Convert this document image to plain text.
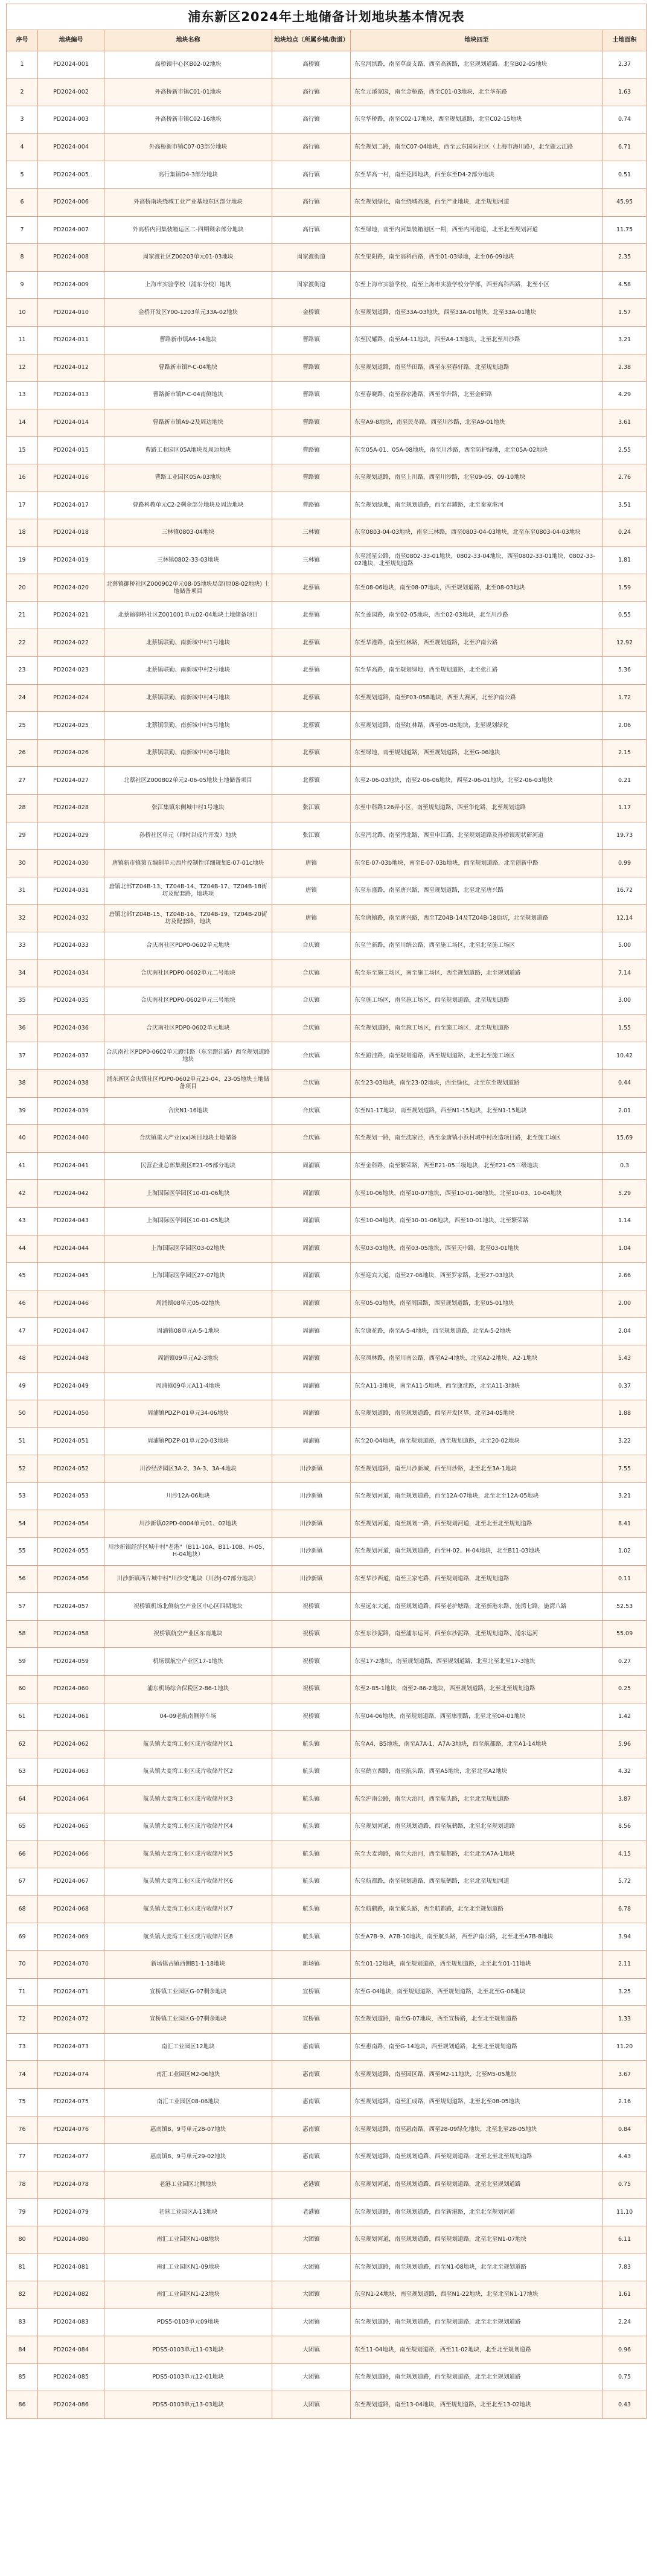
浦东新区2024年土地储备计划地块基本情况表					
序号	地块编号	地块名称	地块地点（所属乡镇/街道）	地块四至	土地面积
1	PD2024-001	高桥镇中心区B02-02地块	高桥镇	东至河滨路，南至草高支路，西至高新路，北至规划道路、北至B02-05地块	2.37
2	PD2024-002	外高桥新市镇C01-01地块	高行镇	东至元溪家园，南至金桥路，西至C01-03地块，北至华东路	1.63
3	PD2024-003	外高桥新市镇C02-16地块	高行镇	东至华桥路，南至C02-17地块，西至规划道路，北至C02-15地块	0.74
4	PD2024-004	外高桥新市镇C07-03部分地块	高行镇	东至规划二路，南至C07-04地块，西至云东国际社区（上海市海川路），北至鹿云江路	6.71
5	PD2024-005	高行集镇D4-3部分地块	高行镇	东至华高一村，南至花园地块，西至东至D4-2部分地块	0.51
6	PD2024-006	外高桥南块绕城工业产业基地东区部分地块	高行镇	东至规划绿化，南至绕城高速，西至产业地块，北至规划河道	45.95
7	PD2024-007	外高桥内河集装箱运区二-四期剩余部分地块	高行镇	东至绿地，南至内河集装箱港区一期，西至内河港道，北至北至规划河道	11.75
8	PD2024-008	周家渡社区Z00203单元01-03地块	周家渡街道	东至渠阳路，南至高科西路，西至01-03绿地，北至06-09地块	2.35
9	PD2024-009	上海市实验学校（浦东分校）地块	周家渡街道	东至上海市实验学校，南至上海市实验学校分学部，西至高科西路，北至小区	4.58
10	PD2024-010	金桥开发区Y00-1203单元33A-02地块	金桥镇	东至规划道路，南至33A-03地块，西至33A-01地块，北至33A-01地块	1.57
11	PD2024-011	曹路新市镇A4-14地块	曹路镇	东至民耀路，南至A4-11地块，西至A4-13地块，北至北至川沙路	3.21
12	PD2024-012	曹路新市镇P-C-04地块	曹路镇	东至规划道路，南至华田路，西至东至春轩路，北至规划道路	2.38
13	PD2024-013	曹路新市镇P-C-04南侧地块	曹路镇	东至春晓路，南至春家港路，西至华升路，北至金研路	4.29
14	PD2024-014	曹路新市镇A9-2及周边地块	曹路镇	东至A9-8地块，南至民冬路，西至川沙路，北至A9-01地块	3.61
15	PD2024-015	曹路工业园区05A地块及周边地块	曹路镇	东至05A-01、05A-08地块，南至川沙路，西至防护绿地，北至05A-02地块	2.55
16	PD2024-016	曹路工业园区05A-03地块	曹路镇	东至规划道路，南至上川路，西至川沙路，北至09-05、09-10地块	2.76
17	PD2024-017	曹路科教单元C2-2剩余部分地块及周边地块	曹路镇	东至规划绿地，南至规划道路，西至春耀路，北至秦家港河	3.51
18	PD2024-018	三林镇0803-04地块	三林镇	东至0803-04-03地块，南至三林路，西至0803-04-03地块，北至东至0803-04-03地块	0.24
19	PD2024-019	三林镇0802-33-03地块	三林镇	东至浦星公路，南至0802-33-01地块，0802-33-04地块，西至0802-33-01地块，0802-33-02地块，北至规划道路	1.81
20	PD2024-020	北蔡镇御桥社区Z000902单元08-05地块局部(原08-02地块) 土地储备项目	北蔡镇	东至08-06地块，南至08-07地块，西至规划道路，北至08-03地块	1.59
21	PD2024-021	北蔡镇御桥社区Z001001单元02-04地块土地储备项目	北蔡镇	东至莲园路，南至02-05地块，西至02-03地块，北至川沙路	0.55
22	PD2024-022	北蔡镇联勤、南新城中村1号地块	北蔡镇	东至华港路，南至红林路，西至规划道路，北至沪南公路	12.92
23	PD2024-023	北蔡镇联勤、南新城中村2号地块	北蔡镇	东至华高路，南至规划绿地，西至规划道路，北至张江路	5.36
24	PD2024-024	北蔡镇联勤、南新城中村4号地块	北蔡镇	东至规划道路，南至F03-05B地块，西至大赛河，北至沪南公路	1.72
25	PD2024-025	北蔡镇联勤、南新城中村5号地块	北蔡镇	东至规划道路，南至红林路，西至05-05地块，北至规划绿化	2.06
26	PD2024-026	北蔡镇联勤、南新城中村6号地块	北蔡镇	东至绿地，南至规划道路，西至规划道路，北至G-06地块	2.15
27	PD2024-027	北蔡社区Z000802单元2-06-05地块土地储备项目	北蔡镇	东至2-06-03地块，南至2-06-06地块，西至2-06-01地块，北至2-06-03地块	0.21
28	PD2024-028	张江集镇东侧城中村1号地块	张江镇	东至中科路126弄小区，南至规划道路，西至华佗路，北至规划道路	1.17
29	PD2024-029	孙桥社区单元（师村以成片开发）地块	张江镇	东至沔北路，南至沔北路，西至申江路，北至规划道路及孙桥镇现状研河道	19.73
30	PD2024-030	唐镇新市镇第五编制单元西片控制性详细规划E-07-01c地块	唐镇	东至E-07-03b地块，南至E-07-03b地块，西至规划道路，北至创新中路	0.99
31	PD2024-031	唐镇北部TZ04B-13、TZ04B-14、TZ04B-17、TZ04B-18街坊及配套路，地块项	唐镇	东至东盛路，南至唐兴路，西至规划道路，北至北至唐兴路	16.72
32	PD2024-032	唐镇北部TZ04B-15、TZ04B-16、TZ04B-19、TZ04B-20街坊及配套路，地块	唐镇	东至唐镇路，南至唐兴路，西至TZ04B-14及TZ04B-18街坊，北至规划道路	12.14
33	PD2024-033	合庆南社区PDP0-0602单元地块	合庆镇	东至兰新路，南至川纳公路，西至施工场区，北至北至施工场区	5.00
34	PD2024-034	合庆南社区PDP0-0602单元二号地块	合庆镇	东至东至施工场区，南至施工场区，西至规划道路，北至规划道路	7.14
35	PD2024-035	合庆南社区PDP0-0602单元三号地块	合庆镇	东至施工场区，南至施工场区，西至规划道路，北至规划道路	3.00
36	PD2024-036	合庆南社区PDP0-0602单元地块	合庆镇	东至规划道路，南至施工场区，西至施工场区，北至规划道路	1.55
37	PD2024-037	合庆南社区PDP0-0602单元蹬洼路（东至蹬洼路）西至规划道路地块	合庆镇	东至蹬洼路，南至规划道路，西至规划道路，北至北至施工场区	10.42
38	PD2024-038	浦东新区合庆镇社区PDP0-0602单元23-04、23-05地块土地储备项目	合庆镇	东至23-03地块，南至23-02地块，西至绿化，北至东至规划道路	0.44
39	PD2024-039	合庆N1-16地块	合庆镇	东至N1-17地块，南至规划道路，西至N1-15地块，北至N1-15地块	2.01
40	PD2024-040	合庆镇重大产业(xx)项目地块土地储备	合庆镇	东至规划一路，南至沈家泾，西至金唐镇小浜村城中村改造项目路，北至施工场区	15.69
41	PD2024-041	民营企业总部集聚区E21-05部分地块	周浦镇	东至金科路，南至繁荣路，西至E21-05三级地块，北至E21-05三级地块	0.3
42	PD2024-042	上海国际医学园区10-01-06地块	周浦镇	东至10-06地块，南至10-07地块，西至10-01-08地块，北至10-03、10-04地块	5.29
43	PD2024-043	上海国际医学园区10-01-05地块	周浦镇	东至10-04地块，南至10-01-06地块，西至10-01地块，北至繁荣路	1.14
44	PD2024-044	上海国际医学园区03-02地块	周浦镇	东至03-03地块，南至03-05地块，西至天中路，北至03-01地块	1.04
45	PD2024-045	上海国际医学园区27-07地块	周浦镇	东至迎宾大道，南至27-06地块，西至罗家路，北至27-03地块	2.66
46	PD2024-046	周浦镇08单元05-02地块	周浦镇	东至05-03地块，南至周园路，西至规划道路，北至05-01地块	2.00
47	PD2024-047	周浦镇08单元A-5-1地块	周浦镇	东至康花路，南至A-5-4地块，西至规划道路，北至A-5-2地块	2.04
48	PD2024-048	周浦镇09单元A2-3地块	周浦镇	东至凤林路，南至川南公路，西至A2-4地块，北至A2-2地块、A2-1地块	5.43
49	PD2024-049	周浦镇09单元A11-4地块	周浦镇	东至A11-3地块，南至A11-5地块，西至康沈路，北至A11-3地块	0.37
50	PD2024-050	周浦镇PDZP-01单元34-06地块	周浦镇	东至规划道路，南至规划道路，西至开发区界，北至34-05地块	1.88
51	PD2024-051	周浦镇PDZP-01单元20-03地块	周浦镇	东至20-04地块，南至规划道路，西至规划道路，北至20-02地块	3.22
52	PD2024-052	川沙经济园区3A-2、3A-3、3A-4地块	川沙新镇	东至规划道路，南至川沙新城，西至川沙路，北至北至3A-1地块	7.55
53	PD2024-053	川沙12A-06地块	川沙新镇	东至规划河道，南至规划道路，西至12A-07地块，北至北至12A-05地块	3.21
54	PD2024-054	川沙新镇02PD-0004单元01、02地块	川沙新镇	东至规划河道，南至规划一路，西至规划河道，北至北至北至规划道路	8.41
55	PD2024-055	川沙新镇经济区城中村"老港"（B11-10A、B11-10B、H-05、H-04地块）	川沙新镇	东至规划河道，南至规划道路，西至H-02、H-04地块，北至B11-03地块	1.02
56	PD2024-056	川沙新镇西片城中村"川沙变"地块（川沙J-07部分地块）	川沙新镇	东至华沙西道，南至王家宅路，西至规划道路，北至规划道路	0.11
57	PD2024-057	祝桥镇机场北侧航空产业区中心区四期地块	祝桥镇	东至远东大道，南至规划道路，西至老护塘路，北至新港东路、施湾七路，施湾八路	52.53
58	PD2024-058	祝桥镇航空产业区东南地块	祝桥镇	东至东沙泥路，南至浦东运河，西至东沙泥路，北至规划道路、浦东运河	55.09
59	PD2024-059	机场镇航空产业区17-1地块	祝桥镇	东至17-2地块，南至规划道路，西至规划道路，北至北至北至17-3地块	0.27
60	PD2024-060	浦东机场综合保税区2-86-1地块	祝桥镇	东至2-85-1地块，南至2-86-2地块，西至规划道路，北至北至规划道路	0.25
61	PD2024-061	04-09老航南侧停车场	祝桥镇	东至04-06地块，南至规划道路，西至康朋路，北至北至04-01地块	1.42
62	PD2024-062	航头镇大麦湾工业区成片收储片区1	航头镇	东至A4、B5地块，南至A7A-1、A7A-3地块，西至航都路，北至A1-14地块	5.96
63	PD2024-063	航头镇大麦湾工业区成片收储片区2	航头镇	东至鹤立西路，南至航头路，西至A5地块，北至北至A2地块	4.32
64	PD2024-064	航头镇大麦湾工业区成片收储片区3	航头镇	东至沪南公路，南至大治河，西至航头路，北至北至规划道路	3.87
65	PD2024-065	航头镇大麦湾工业区成片收储片区4	航头镇	东至规划河道，南至规划道路，西至航鹤路，北至北至规划道路	8.56
66	PD2024-066	航头镇大麦湾工业区成片收储片区5	航头镇	东至大麦湾路，南至大治河，西至航都路，北至北至A7A-1地块	4.15
67	PD2024-067	航头镇大麦湾工业区成片收储片区6	航头镇	东至航都路，南至规划道路，西至航鹤路，北至北至规划河道	5.72
68	PD2024-068	航头镇大麦湾工业区成片收储片区7	航头镇	东至航鹤路，南至航头路，西至航都路，北至北至规划道路	6.78
69	PD2024-069	航头镇大麦湾工业区成片收储片区8	航头镇	东至A7B-9、A7B-10地块，南至航头路，西至沪南公路，北至北至A7B-8地块	3.94
70	PD2024-070	新场镇古镇西侧B1-1-18地块	新场镇	东至01-12地块，南至规划道路，西至规划道路，北至北至01-11地块	2.11
71	PD2024-071	宣桥镇工业园区G-07剩余地块	宣桥镇	东至G-04地块，南至规划道路，西至规划道路，北至北至G-06地块	3.25
72	PD2024-072	宣桥镇工业园区G-07剩余地块	宣桥镇	东至规划道路，南至G-07地块，西至宣桥路，北至北至规划道路	1.33
73	PD2024-073	南汇工业园区12地块	惠南镇	东至惠南路，南至G-14地块，西至规划道路，北至北至规划道路	11.20
74	PD2024-074	南汇工业园区M2-06地块	惠南镇	东至规划道路，南至园区路，西至M2-11地块，北至M5-05地块	3.67
75	PD2024-075	南汇工业园区08-06地块	惠南镇	东至规划道路，南至汇成路，西至规划道路，北至北至08-05地块	2.16
76	PD2024-076	惠南镇8、9号单元28-07地块	惠南镇	东至规划道路，南至惠南路，西至28-09绿化地块，北至北至28-05地块	0.84
77	PD2024-077	惠南镇8、9号单元29-02地块	惠南镇	东至规划道路，南至规划道路，西至规划道路，北至北至北至规划道路	4.43
78	PD2024-078	老港工业园区北侧地块	老港镇	东至规划河道，南至规划道路，西至规划道路，北至北至规划道路	0.75
79	PD2024-079	老港工业园区A-13地块	老港镇	东至规划道路，南至规划道路，西至新港路，北至北至规划河道	11.10
80	PD2024-080	南汇工业园区N1-08地块	大团镇	东至规划河道，南至规划道路，西至规划道路，北至北至N1-07地块	6.11
81	PD2024-081	南汇工业园区N1-09地块	大团镇	东至规划道路，南至规划道路，西至N1-08地块，北至北至规划道路	7.83
82	PD2024-082	南汇工业园区N1-23地块	大团镇	东至N1-24地块，南至规划道路，西至N1-22地块，北至北至N1-17地块	1.61
83	PD2024-083	PDS5-0103单元09地块	大团镇	东至规划道路，南至规划道路，西至规划道路，北至北至规划道路	2.24
84	PD2024-084	PDS5-0103单元11-03地块	大团镇	东至11-04地块，南至规划道路，西至11-02地块，北至北至规划道路	0.96
85	PD2024-085	PDS5-0103单元12-01地块	大团镇	东至规划道路，南至规划道路，西至规划道路，北至北至规划道路	0.75
86	PD2024-086	PDS5-0103单元13-03地块	大团镇	东至规划道路，南至13-04地块，西至规划道路，北至北至13-02地块	0.43
